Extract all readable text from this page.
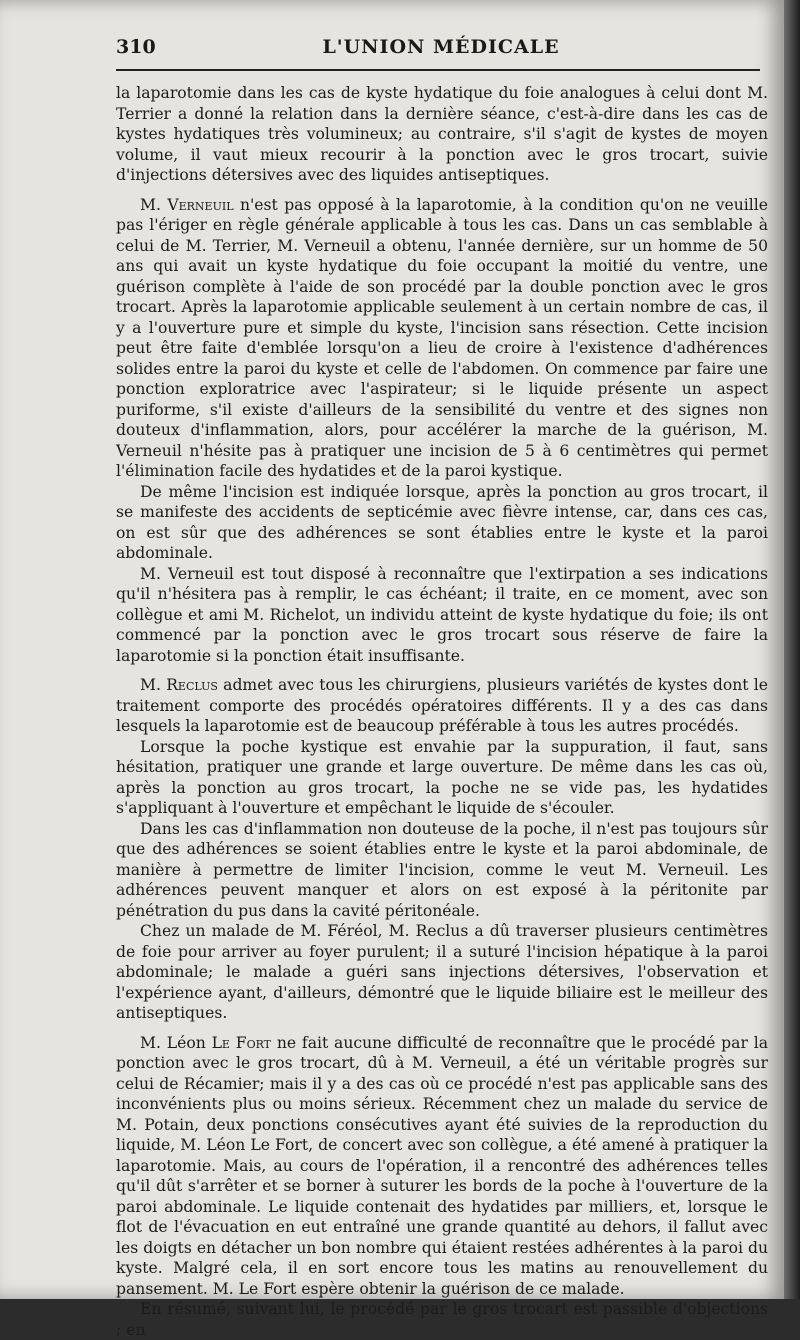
310	L'UNION MÉDICALE

la laparotomie dans les cas de kyste hydatique du foie analogues à celui dont M. Terrier a donné la relation dans la dernière séance, c'est-à-dire dans les cas de kystes hydatiques très volumineux; au contraire, s'il s'agit de kystes de moyen volume, il vaut mieux recourir à la ponction avec le gros trocart, suivie d'injections détersives avec des liquides antiseptiques.

M. Verneuil n'est pas opposé à la laparotomie, à la condition qu'on ne veuille pas l'ériger en règle générale applicable à tous les cas. Dans un cas semblable à celui de M. Terrier, M. Verneuil a obtenu, l'année dernière, sur un homme de 50 ans qui avait un kyste hydatique du foie occupant la moitié du ventre, une guérison complète à l'aide de son procédé par la double ponction avec le gros trocart. Après la laparotomie applicable seulement à un certain nombre de cas, il y a l'ouverture pure et simple du kyste, l'incision sans résection. Cette incision peut être faite d'emblée lorsqu'on a lieu de croire à l'existence d'adhérences solides entre la paroi du kyste et celle de l'abdomen. On commence par faire une ponction exploratrice avec l'aspirateur; si le liquide présente un aspect puriforme, s'il existe d'ailleurs de la sensibilité du ventre et des signes non douteux d'inflammation, alors, pour accélérer la marche de la guérison, M. Verneuil n'hésite pas à pratiquer une incision de 5 à 6 centimètres qui permet l'élimination facile des hydatides et de la paroi kystique.

De même l'incision est indiquée lorsque, après la ponction au gros trocart, il se manifeste des accidents de septicémie avec fièvre intense, car, dans ces cas, on est sûr que des adhérences se sont établies entre le kyste et la paroi abdominale.

M. Verneuil est tout disposé à reconnaître que l'extirpation a ses indications qu'il n'hésitera pas à remplir, le cas échéant; il traite, en ce moment, avec son collègue et ami M. Richelot, un individu atteint de kyste hydatique du foie; ils ont commencé par la ponction avec le gros trocart sous réserve de faire la laparotomie si la ponction était insuffisante.

M. Reclus admet avec tous les chirurgiens, plusieurs variétés de kystes dont le traitement comporte des procédés opératoires différents. Il y a des cas dans lesquels la laparotomie est de beaucoup préférable à tous les autres procédés.

Lorsque la poche kystique est envahie par la suppuration, il faut, sans hésitation, pratiquer une grande et large ouverture. De même dans les cas où, après la ponction au gros trocart, la poche ne se vide pas, les hydatides s'appliquant à l'ouverture et empêchant le liquide de s'écouler.

Dans les cas d'inflammation non douteuse de la poche, il n'est pas toujours sûr que des adhérences se soient établies entre le kyste et la paroi abdominale, de manière à permettre de limiter l'incision, comme le veut M. Verneuil. Les adhérences peuvent manquer et alors on est exposé à la péritonite par pénétration du pus dans la cavité péritonéale.

Chez un malade de M. Féréol, M. Reclus a dû traverser plusieurs centimètres de foie pour arriver au foyer purulent; il a suturé l'incision hépatique à la paroi abdominale; le malade a guéri sans injections détersives, l'observation et l'expérience ayant, d'ailleurs, démontré que le liquide biliaire est le meilleur des antiseptiques.

M. Léon Le Fort ne fait aucune difficulté de reconnaître que le procédé par la ponction avec le gros trocart, dû à M. Verneuil, a été un véritable progrès sur celui de Récamier; mais il y a des cas où ce procédé n'est pas applicable sans des inconvénients plus ou moins sérieux. Récemment chez un malade du service de M. Potain, deux ponctions consécutives ayant été suivies de la reproduction du liquide, M. Léon Le Fort, de concert avec son collègue, a été amené à pratiquer la laparotomie. Mais, au cours de l'opération, il a rencontré des adhérences telles qu'il dût s'arrêter et se borner à suturer les bords de la poche à l'ouverture de la paroi abdominale. Le liquide contenait des hydatides par milliers, et, lorsque le flot de l'évacuation en eut entraîné une grande quantité au dehors, il fallut avec les doigts en détacher un bon nombre qui étaient restées adhérentes à la paroi du kyste. Malgré cela, il en sort encore tous les matins au renouvellement du pansement. M. Le Fort espère obtenir la guérison de ce malade.

En résumé, suivant lui, le procédé par le gros trocart est passible d'objections ; en
